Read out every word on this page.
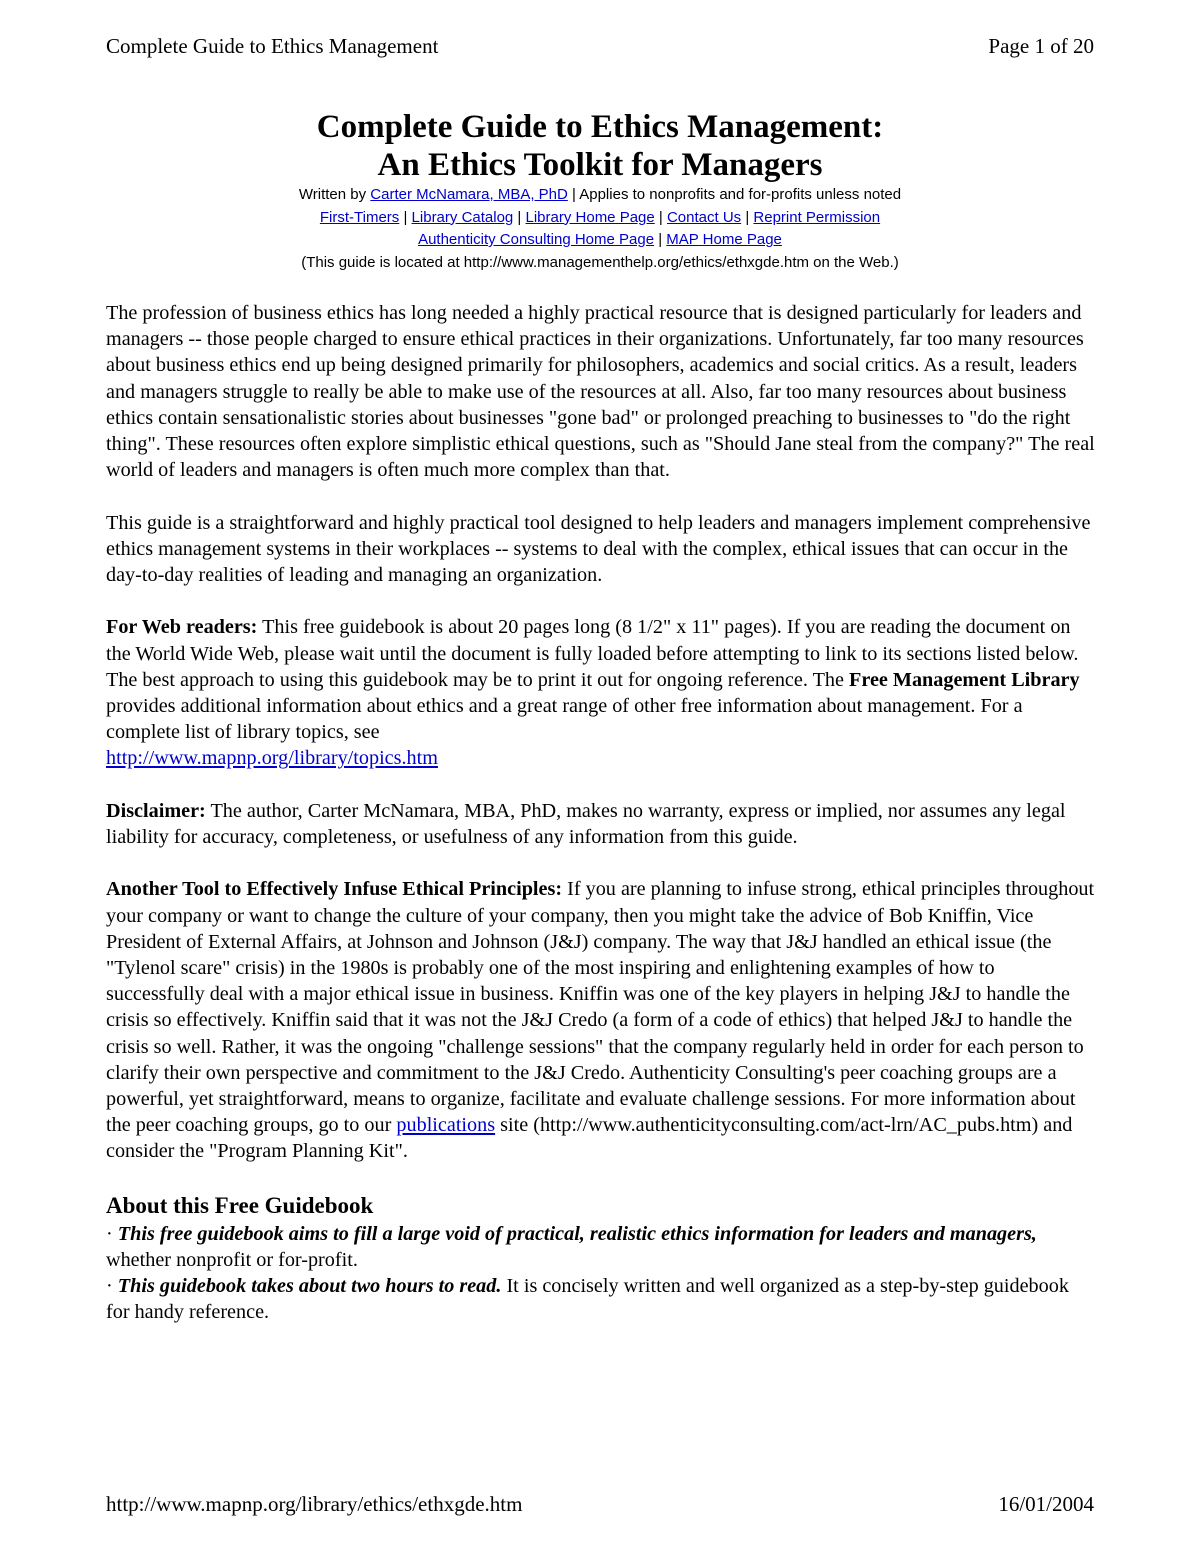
Complete Guide to Ethics Management	Page 1 of 20
Complete Guide to Ethics Management:
An Ethics Toolkit for Managers
Written by Carter McNamara, MBA, PhD | Applies to nonprofits and for-profits unless noted
First-Timers | Library Catalog | Library Home Page | Contact Us | Reprint Permission
Authenticity Consulting Home Page | MAP Home Page
(This guide is located at http://www.managementhelp.org/ethics/ethxgde.htm on the Web.)

The profession of business ethics has long needed a highly practical resource that is designed particularly for leaders and managers -- those people charged to ensure ethical practices in their organizations. Unfortunately, far too many resources about business ethics end up being designed primarily for philosophers, academics and social critics. As a result, leaders and managers struggle to really be able to make use of the resources at all. Also, far too many resources about business ethics contain sensationalistic stories about businesses "gone bad" or prolonged preaching to businesses to "do the right thing". These resources often explore simplistic ethical questions, such as "Should Jane steal from the company?" The real world of leaders and managers is often much more complex than that.

This guide is a straightforward and highly practical tool designed to help leaders and managers implement comprehensive ethics management systems in their workplaces -- systems to deal with the complex, ethical issues that can occur in the day-to-day realities of leading and managing an organization.

For Web readers: This free guidebook is about 20 pages long (8 1/2" x 11" pages). If you are reading the document on the World Wide Web, please wait until the document is fully loaded before attempting to link to its sections listed below. The best approach to using this guidebook may be to print it out for ongoing reference. The Free Management Library provides additional information about ethics and a great range of other free information about management. For a complete list of library topics, see
http://www.mapnp.org/library/topics.htm

Disclaimer: The author, Carter McNamara, MBA, PhD, makes no warranty, express or implied, nor assumes any legal liability for accuracy, completeness, or usefulness of any information from this guide.

Another Tool to Effectively Infuse Ethical Principles: If you are planning to infuse strong, ethical principles throughout your company or want to change the culture of your company, then you might take the advice of Bob Kniffin, Vice President of External Affairs, at Johnson and Johnson (J&J) company. The way that J&J handled an ethical issue (the "Tylenol scare" crisis) in the 1980s is probably one of the most inspiring and enlightening examples of how to successfully deal with a major ethical issue in business. Kniffin was one of the key players in helping J&J to handle the crisis so effectively. Kniffin said that it was not the J&J Credo (a form of a code of ethics) that helped J&J to handle the crisis so well. Rather, it was the ongoing "challenge sessions" that the company regularly held in order for each person to clarify their own perspective and commitment to the J&J Credo. Authenticity Consulting's peer coaching groups are a powerful, yet straightforward, means to organize, facilitate and evaluate challenge sessions. For more information about the peer coaching groups, go to our publications site (http://www.authenticityconsulting.com/act-lrn/AC_pubs.htm) and consider the "Program Planning Kit".

About this Free Guidebook
· This free guidebook aims to fill a large void of practical, realistic ethics information for leaders and managers, whether nonprofit or for-profit.
· This guidebook takes about two hours to read. It is concisely written and well organized as a step-by-step guidebook for handy reference.
http://www.mapnp.org/library/ethics/ethxgde.htm	16/01/2004
